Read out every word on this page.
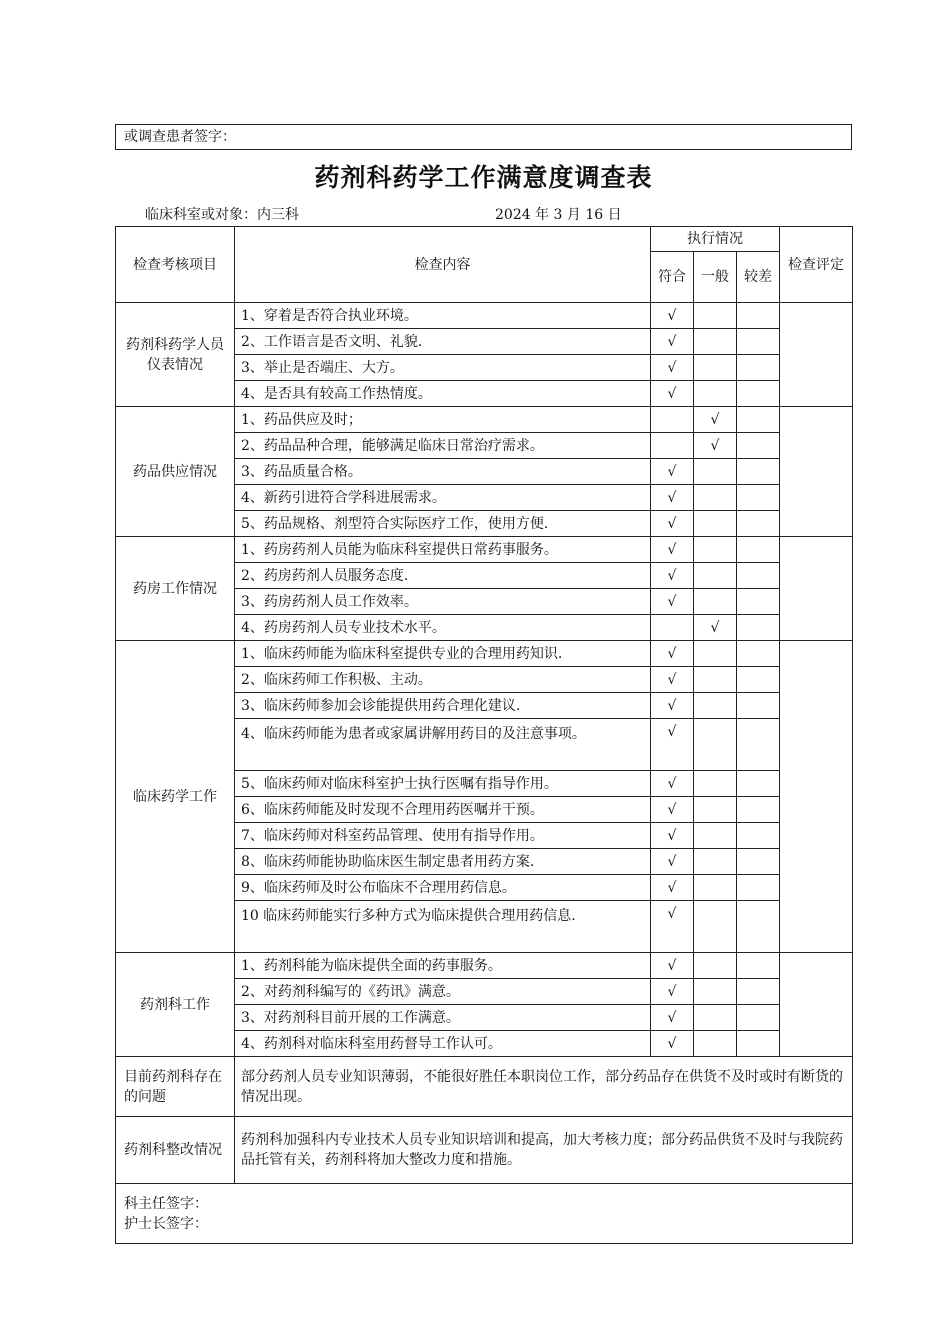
或调查患者签字：
药剂科药学工作满意度调查表
临床科室或对象：内三科	2024 年 3 月 16 日
检查考核项目	检查内容	执行情况			检查评定
		符合	一般	较差	
药剂科药学人员仪表情况	1、穿着是否符合执业环境。	√			
	2、工作语言是否文明、礼貌.	√			
	3、举止是否端庄、大方。	√			
	4、是否具有较高工作热情度。	√			
药品供应情况	1、药品供应及时；		√		
	2、药品品种合理，能够满足临床日常治疗需求。		√		
	3、药品质量合格。	√			
	4、新药引进符合学科进展需求。	√			
	5、药品规格、剂型符合实际医疗工作，使用方便.	√			
药房工作情况	1、药房药剂人员能为临床科室提供日常药事服务。	√			
	2、药房药剂人员服务态度.	√			
	3、药房药剂人员工作效率。	√			
	4、药房药剂人员专业技术水平。		√		
临床药学工作	1、临床药师能为临床科室提供专业的合理用药知识.	√			
	2、临床药师工作积极、主动。	√			
	3、临床药师参加会诊能提供用药合理化建议.	√			
	4、临床药师能为患者或家属讲解用药目的及注意事项。	√			
	5、临床药师对临床科室护士执行医嘱有指导作用。	√			
	6、临床药师能及时发现不合理用药医嘱并干预。	√			
	7、临床药师对科室药品管理、使用有指导作用。	√			
	8、临床药师能协助临床医生制定患者用药方案.	√			
	9、临床药师及时公布临床不合理用药信息。	√			
	10 临床药师能实行多种方式为临床提供合理用药信息.	√			
药剂科工作	1、药剂科能为临床提供全面的药事服务。	√			
	2、对药剂科编写的《药讯》满意。	√			
	3、对药剂科目前开展的工作满意。	√			
	4、药剂科对临床科室用药督导工作认可。	√			
目前药剂科存在的问题	部分药剂人员专业知识薄弱，不能很好胜任本职岗位工作，部分药品存在供货不及时或时有断货的情况出现。				
药剂科整改情况	药剂科加强科内专业技术人员专业知识培训和提高，加大考核力度；部分药品供货不及时与我院药品托管有关，药剂科将加大整改力度和措施。				

科主任签字：
护士长签字：					
